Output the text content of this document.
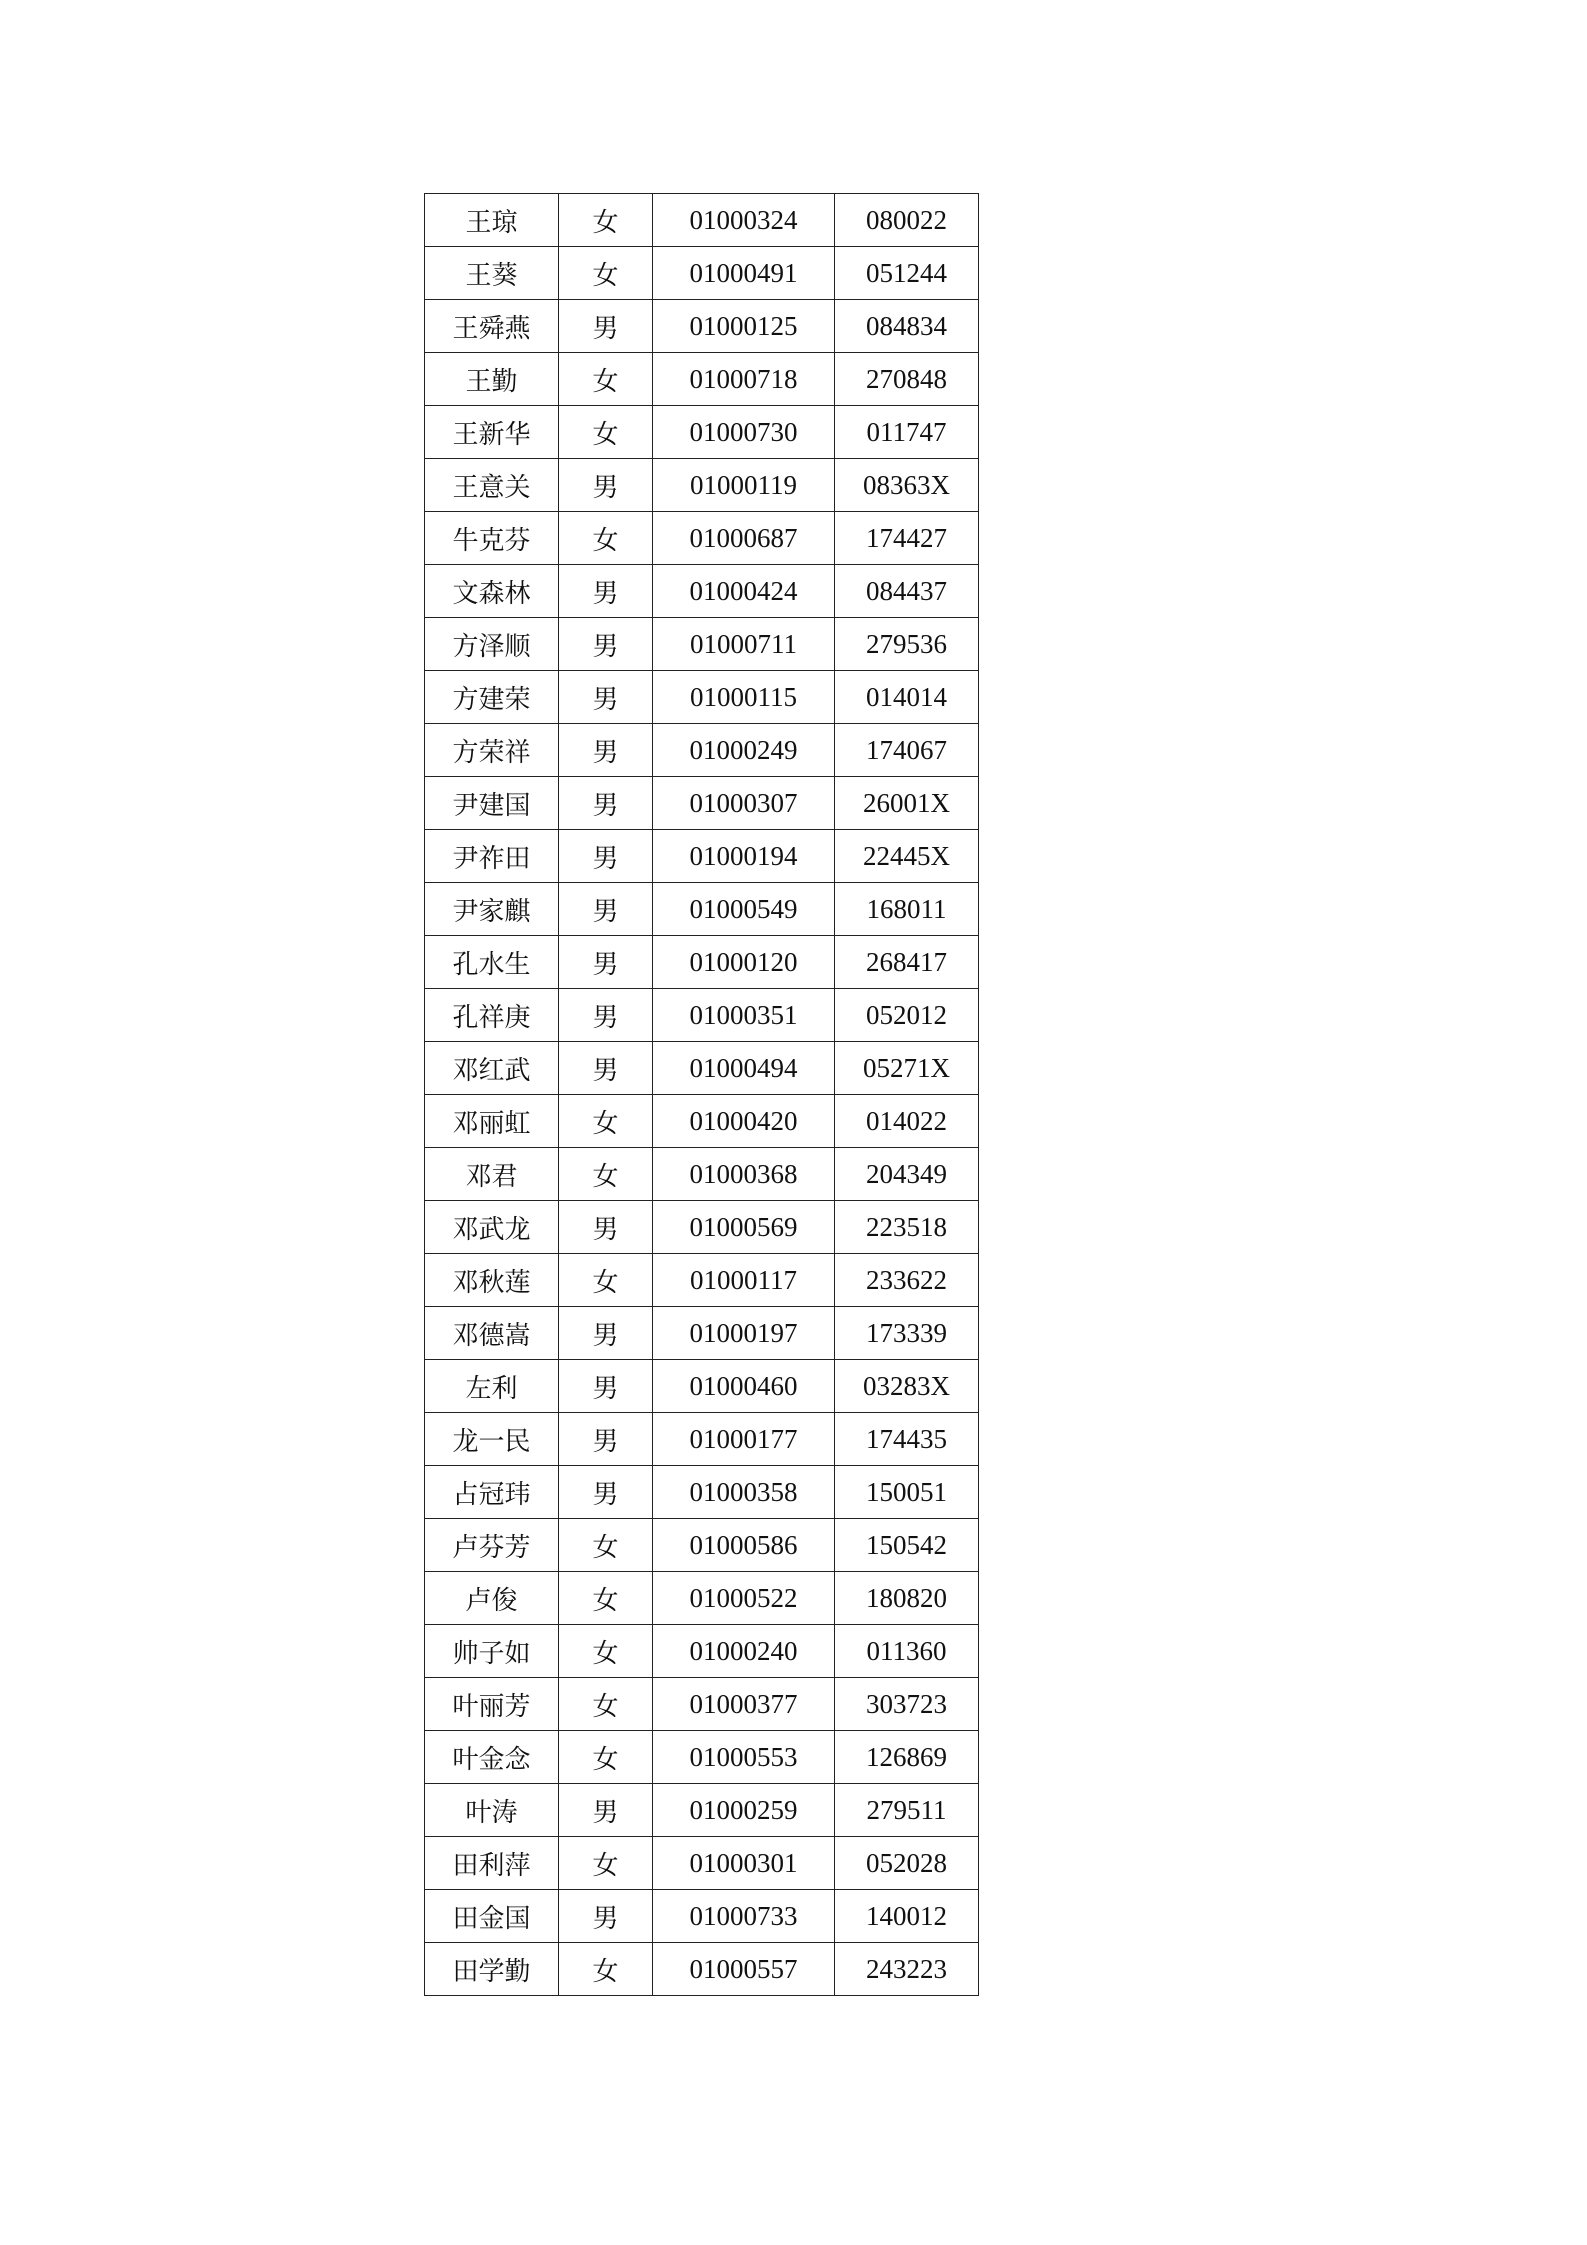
王琼	女	01000324	080022
王葵	女	01000491	051244
王舜燕	男	01000125	084834
王勤	女	01000718	270848
王新华	女	01000730	011747
王意关	男	01000119	08363X
牛克芬	女	01000687	174427
文森林	男	01000424	084437
方泽顺	男	01000711	279536
方建荣	男	01000115	014014
方荣祥	男	01000249	174067
尹建国	男	01000307	26001X
尹祚田	男	01000194	22445X
尹家麒	男	01000549	168011
孔水生	男	01000120	268417
孔祥庚	男	01000351	052012
邓红武	男	01000494	05271X
邓丽虹	女	01000420	014022
邓君	女	01000368	204349
邓武龙	男	01000569	223518
邓秋莲	女	01000117	233622
邓德嵩	男	01000197	173339
左利	男	01000460	03283X
龙一民	男	01000177	174435
占冠玮	男	01000358	150051
卢芬芳	女	01000586	150542
卢俊	女	01000522	180820
帅子如	女	01000240	011360
叶丽芳	女	01000377	303723
叶金念	女	01000553	126869
叶涛	男	01000259	279511
田利萍	女	01000301	052028
田金国	男	01000733	140012
田学勤	女	01000557	243223
